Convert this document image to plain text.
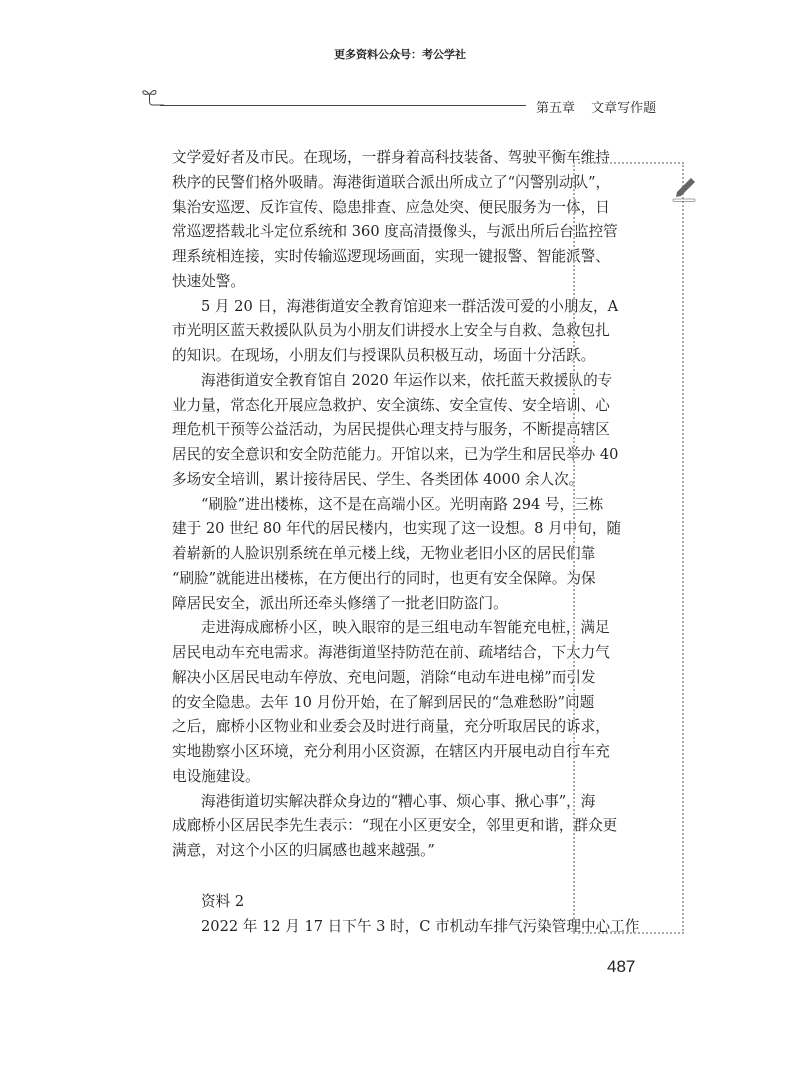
更多资料公众号：考公学社
第五章 文章写作题
文学爱好者及市民。在现场，一群身着高科技装备、驾驶平衡车维持
秩序的民警们格外吸睛。海港街道联合派出所成立了“闪警别动队”，
集治安巡逻、反诈宣传、隐患排查、应急处突、便民服务为一体，日
常巡逻搭载北斗定位系统和 360 度高清摄像头，与派出所后台监控管
理系统相连接，实时传输巡逻现场画面，实现一键报警、智能派警、
快速处警。
5 月 20 日，海港街道安全教育馆迎来一群活泼可爱的小朋友，A
市光明区蓝天救援队队员为小朋友们讲授水上安全与自救、急救包扎
的知识。在现场，小朋友们与授课队员积极互动，场面十分活跃。
海港街道安全教育馆自 2020 年运作以来，依托蓝天救援队的专
业力量，常态化开展应急救护、安全演练、安全宣传、安全培训、心
理危机干预等公益活动，为居民提供心理支持与服务，不断提高辖区
居民的安全意识和安全防范能力。开馆以来，已为学生和居民举办 40
多场安全培训，累计接待居民、学生、各类团体 4000 余人次。
“刷脸”进出楼栋，这不是在高端小区。光明南路 294 号，三栋
建于 20 世纪 80 年代的居民楼内，也实现了这一设想。8 月中旬，随
着崭新的人脸识别系统在单元楼上线，无物业老旧小区的居民们靠
“刷脸”就能进出楼栋，在方便出行的同时，也更有安全保障。为保
障居民安全，派出所还牵头修缮了一批老旧防盗门。
走进海成廊桥小区，映入眼帘的是三组电动车智能充电桩，满足
居民电动车充电需求。海港街道坚持防范在前、疏堵结合，下大力气
解决小区居民电动车停放、充电问题，消除“电动车进电梯”而引发
的安全隐患。去年 10 月份开始，在了解到居民的“急难愁盼”问题
之后，廊桥小区物业和业委会及时进行商量，充分听取居民的诉求，
实地勘察小区环境，充分利用小区资源，在辖区内开展电动自行车充
电设施建设。
海港街道切实解决群众身边的“糟心事、烦心事、揪心事”，海
成廊桥小区居民李先生表示：“现在小区更安全，邻里更和谐，群众更
满意，对这个小区的归属感也越来越强。”
资料 2
2022 年 12 月 17 日下午 3 时，C 市机动车排气污染管理中心工作
487
